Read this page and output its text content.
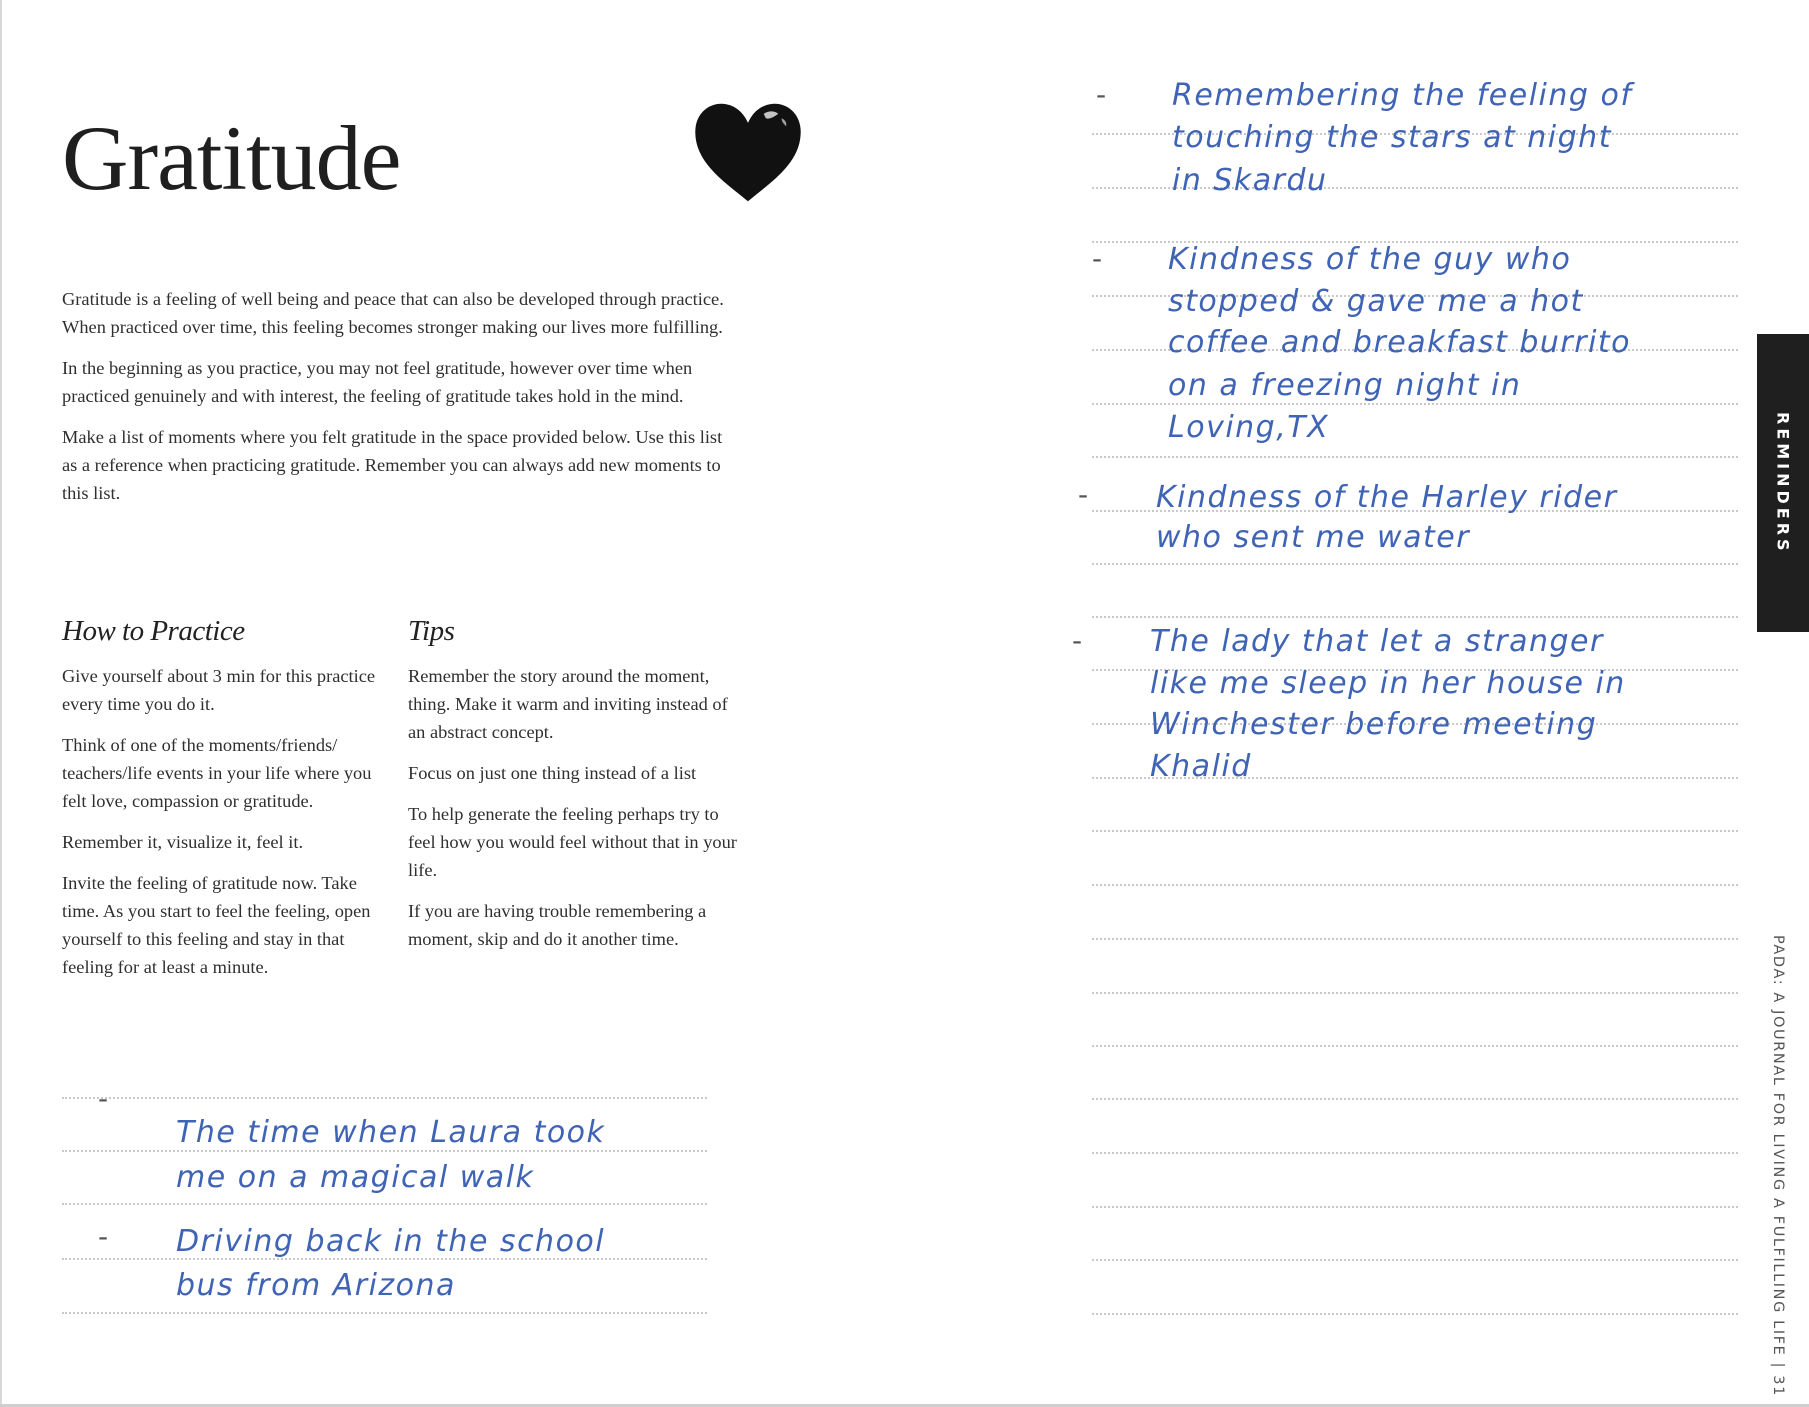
Gratitude

Gratitude is a feeling of well being and peace that can also be developed through practice. When practiced over time, this feeling becomes stronger making our lives more fulfilling.

In the beginning as you practice, you may not feel gratitude, however over time when practiced genuinely and with interest, the feeling of gratitude takes hold in the mind.

Make a list of moments where you felt gratitude in the space provided below. Use this list as a reference when practicing gratitude. Remember you can always add new moments to this list.

How to Practice

Give yourself about 3 min for this practice every time you do it.

Think of one of the moments/friends/ teachers/life events in your life where you felt love, compassion or gratitude.

Remember it, visualize it, feel it.

Invite the feeling of gratitude now. Take time. As you start to feel the feeling, open yourself to this feeling and stay in that feeling for at least a minute.

Tips

Remember the story around the moment, thing. Make it warm and inviting instead of an abstract concept.

Focus on just one thing instead of a list

To help generate the feeling perhaps try to feel how you would feel without that in your life.

If you are having trouble remembering a moment, skip and do it another time.

-
The time when Laura took
me on a magical walk
- Driving back in the school
bus from Arizona
- Remembering the feeling of
touching the stars at night
in Skardu
- Kindness of the guy who
stopped & gave me a hot
coffee and breakfast burrito
on a freezing night in
Loving,TX
- Kindness of the Harley rider
who sent me water
- The lady that let a stranger
like me sleep in her house in
Winchester before meeting
Khalid
REMINDERS
PADA: A JOURNAL FOR LIVING A FULFILLING LIFE | 31
